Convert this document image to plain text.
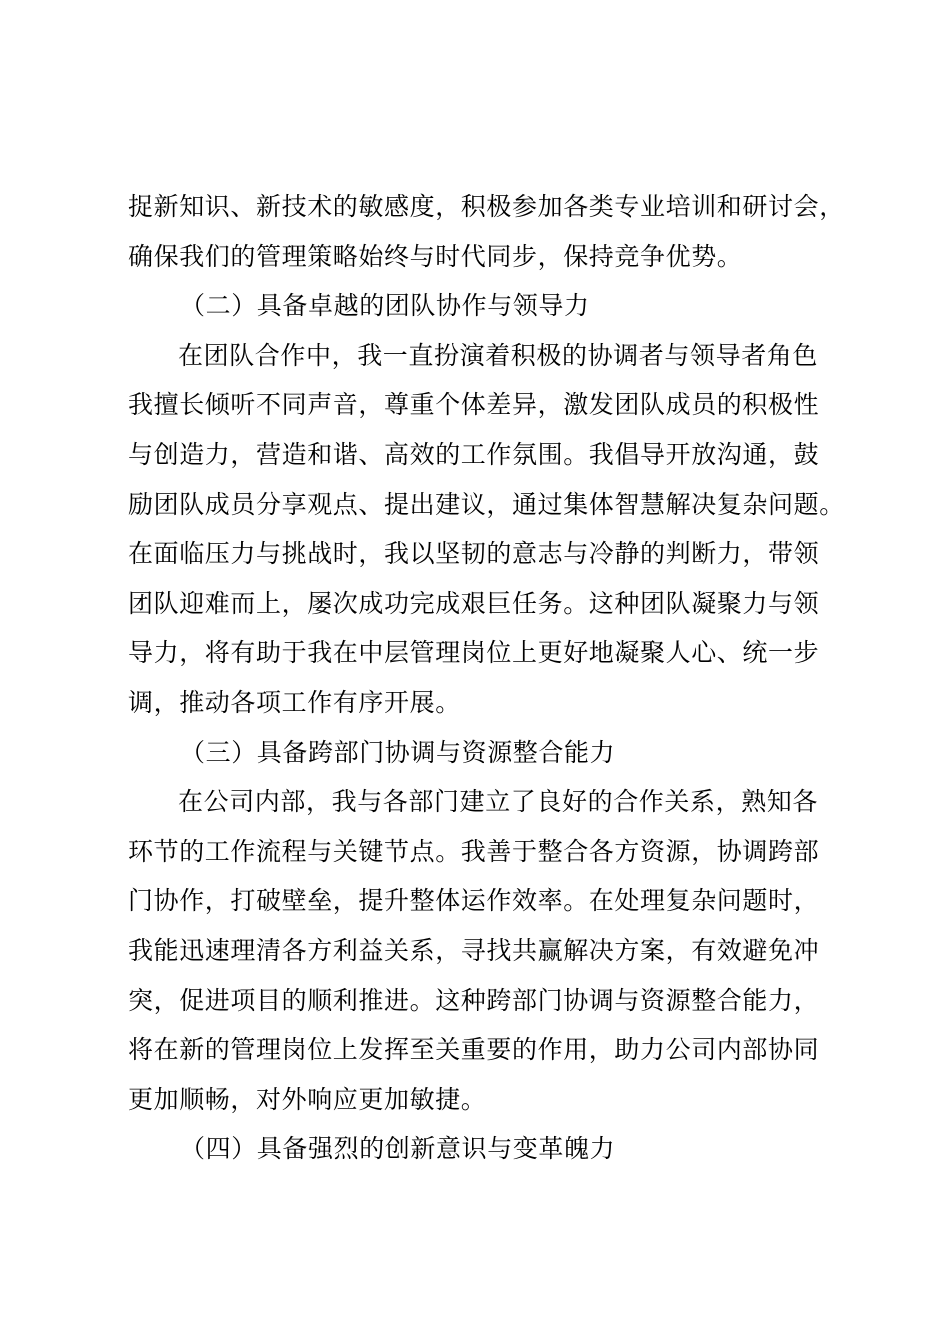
捉新知识、新技术的敏感度，积极参加各类专业培训和研讨会，
确保我们的管理策略始终与时代同步，保持竞争优势。
（二）具备卓越的团队协作与领导力
在团队合作中，我一直扮演着积极的协调者与领导者角色
我擅长倾听不同声音，尊重个体差异，激发团队成员的积极性
与创造力，营造和谐、高效的工作氛围。我倡导开放沟通，鼓
励团队成员分享观点、提出建议，通过集体智慧解决复杂问题。
在面临压力与挑战时，我以坚韧的意志与冷静的判断力，带领
团队迎难而上，屡次成功完成艰巨任务。这种团队凝聚力与领
导力，将有助于我在中层管理岗位上更好地凝聚人心、统一步
调，推动各项工作有序开展。
（三）具备跨部门协调与资源整合能力
在公司内部，我与各部门建立了良好的合作关系，熟知各
环节的工作流程与关键节点。我善于整合各方资源，协调跨部
门协作，打破壁垒，提升整体运作效率。在处理复杂问题时，
我能迅速理清各方利益关系，寻找共赢解决方案，有效避免冲
突，促进项目的顺利推进。这种跨部门协调与资源整合能力，
将在新的管理岗位上发挥至关重要的作用，助力公司内部协同
更加顺畅，对外响应更加敏捷。
（四）具备强烈的创新意识与变革魄力
